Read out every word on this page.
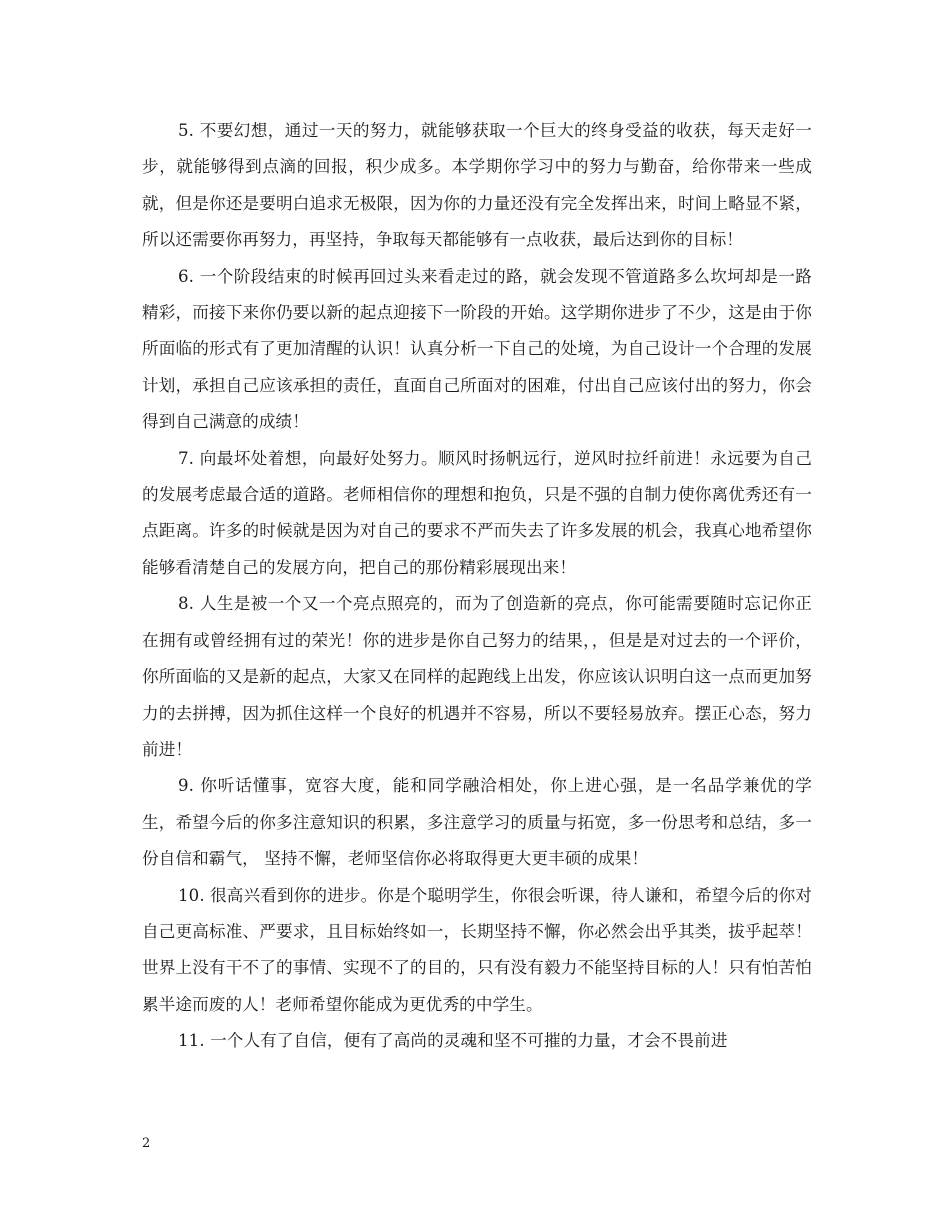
5. 不要幻想，通过一天的努力，就能够获取一个巨大的终身受益的收获，每天走好一步，就能够得到点滴的回报，积少成多。本学期你学习中的努力与勤奋，给你带来一些成就，但是你还是要明白追求无极限，因为你的力量还没有完全发挥出来，时间上略显不紧，所以还需要你再努力，再坚持，争取每天都能够有一点收获，最后达到你的目标！

6. 一个阶段结束的时候再回过头来看走过的路，就会发现不管道路多么坎坷却是一路精彩，而接下来你仍要以新的起点迎接下一阶段的开始。这学期你进步了不少，这是由于你所面临的形式有了更加清醒的认识！认真分析一下自己的处境，为自己设计一个合理的发展计划，承担自己应该承担的责任，直面自己所面对的困难，付出自己应该付出的努力，你会得到自己满意的成绩！

7. 向最坏处着想，向最好处努力。顺风时扬帆远行，逆风时拉纤前进！永远要为自己的发展考虑最合适的道路。老师相信你的理想和抱负，只是不强的自制力使你离优秀还有一点距离。许多的时候就是因为对自己的要求不严而失去了许多发展的机会，我真心地希望你能够看清楚自己的发展方向，把自己的那份精彩展现出来！

8. 人生是被一个又一个亮点照亮的，而为了创造新的亮点，你可能需要随时忘记你正在拥有或曾经拥有过的荣光！你的进步是你自己努力的结果，，但是是对过去的一个评价，你所面临的又是新的起点，大家又在同样的起跑线上出发，你应该认识明白这一点而更加努力的去拼搏，因为抓住这样一个良好的机遇并不容易，所以不要轻易放弃。摆正心态，努力前进！

9. 你听话懂事，宽容大度，能和同学融洽相处，你上进心强，是一名品学兼优的学生，希望今后的你多注意知识的积累，多注意学习的质量与拓宽，多一份思考和总结，多一份自信和霸气， 坚持不懈，老师坚信你必将取得更大更丰硕的成果！

10. 很高兴看到你的进步。你是个聪明学生，你很会听课，待人谦和，希望今后的你对自己更高标准、严要求，且目标始终如一，长期坚持不懈，你必然会出乎其类，拔乎起萃！世界上没有干不了的事情、实现不了的目的，只有没有毅力不能坚持目标的人！只有怕苦怕累半途而废的人！老师希望你能成为更优秀的中学生。

11. 一个人有了自信，便有了高尚的灵魂和坚不可摧的力量，才会不畏前进

2
